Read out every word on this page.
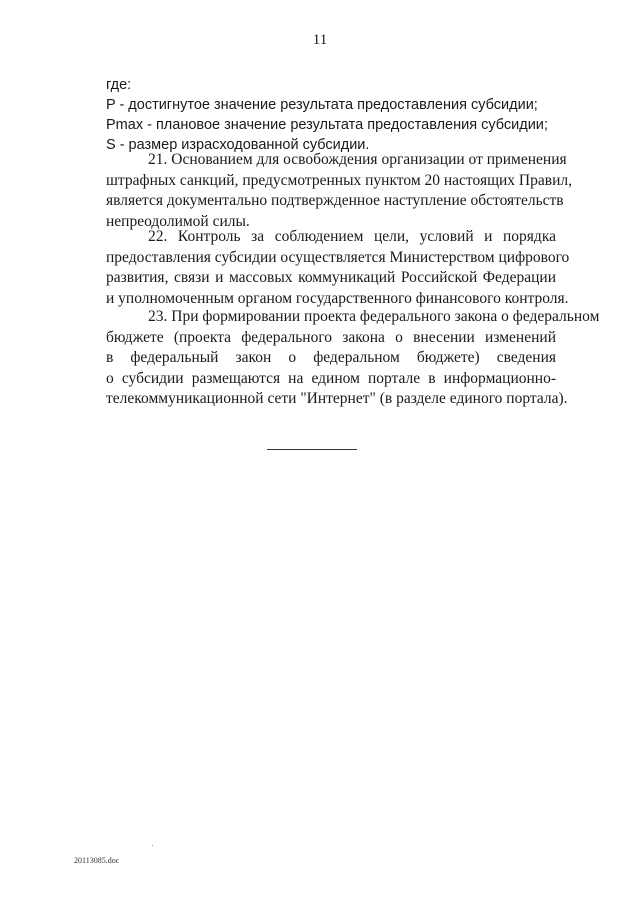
11

где:

P - достигнутое значение результата предоставления субсидии;

Pmax - плановое значение результата предоставления субсидии;

S - размер израсходованной субсидии.

21. Основанием для освобождения организации от применения
штрафных санкций, предусмотренных пунктом 20 настоящих Правил,
является документально подтвержденное наступление обстоятельств
непреодолимой силы.
22. Контроль за соблюдением цели, условий и порядка
предоставления субсидии осуществляется Министерством цифрового
развития, связи и массовых коммуникаций Российской Федерации
и уполномоченным органом государственного финансового контроля.
23. При формировании проекта федерального закона о федеральном
бюджете (проекта федерального закона о внесении изменений
в федеральный закон о федеральном бюджете) сведения
о субсидии размещаются на едином портале в информационно-
телекоммуникационной сети "Интернет" (в разделе единого портала).
20113085.doc
